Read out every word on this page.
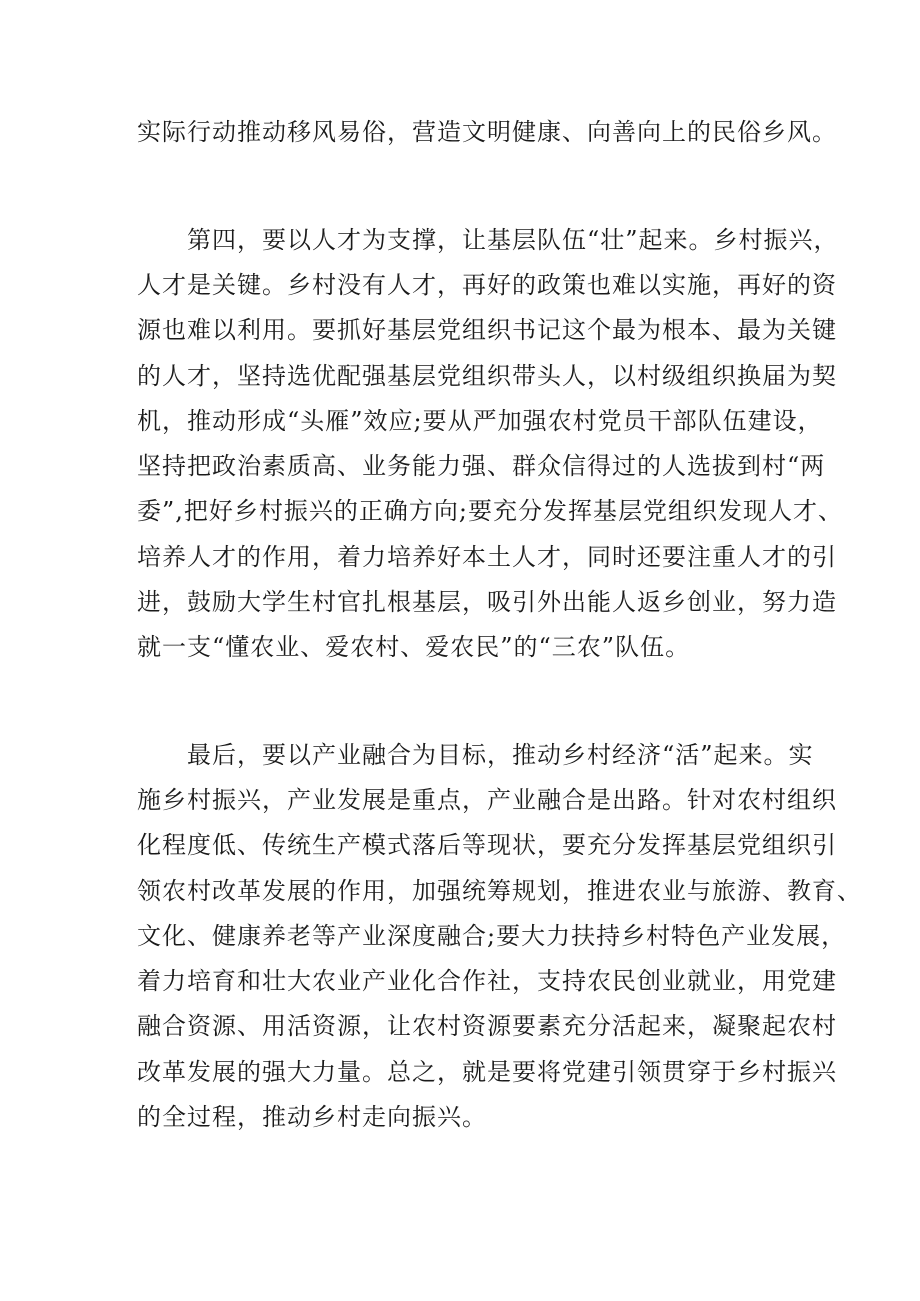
实际行动推动移风易俗，营造文明健康、向善向上的民俗乡风。
　　第四，要以人才为支撑，让基层队伍“壮”起来。乡村振兴，
人才是关键。乡村没有人才，再好的政策也难以实施，再好的资
源也难以利用。要抓好基层党组织书记这个最为根本、最为关键
的人才，坚持选优配强基层党组织带头人，以村级组织换届为契
机，推动形成“头雁”效应;要从严加强农村党员干部队伍建设，
坚持把政治素质高、业务能力强、群众信得过的人选拔到村“两
委”,把好乡村振兴的正确方向;要充分发挥基层党组织发现人才、
培养人才的作用，着力培养好本土人才，同时还要注重人才的引
进，鼓励大学生村官扎根基层，吸引外出能人返乡创业，努力造
就一支“懂农业、爱农村、爱农民”的“三农”队伍。
　　最后，要以产业融合为目标，推动乡村经济“活”起来。实
施乡村振兴，产业发展是重点，产业融合是出路。针对农村组织
化程度低、传统生产模式落后等现状，要充分发挥基层党组织引
领农村改革发展的作用，加强统筹规划，推进农业与旅游、教育、
文化、健康养老等产业深度融合;要大力扶持乡村特色产业发展，
着力培育和壮大农业产业化合作社，支持农民创业就业，用党建
融合资源、用活资源，让农村资源要素充分活起来，凝聚起农村
改革发展的强大力量。总之，就是要将党建引领贯穿于乡村振兴
的全过程，推动乡村走向振兴。
